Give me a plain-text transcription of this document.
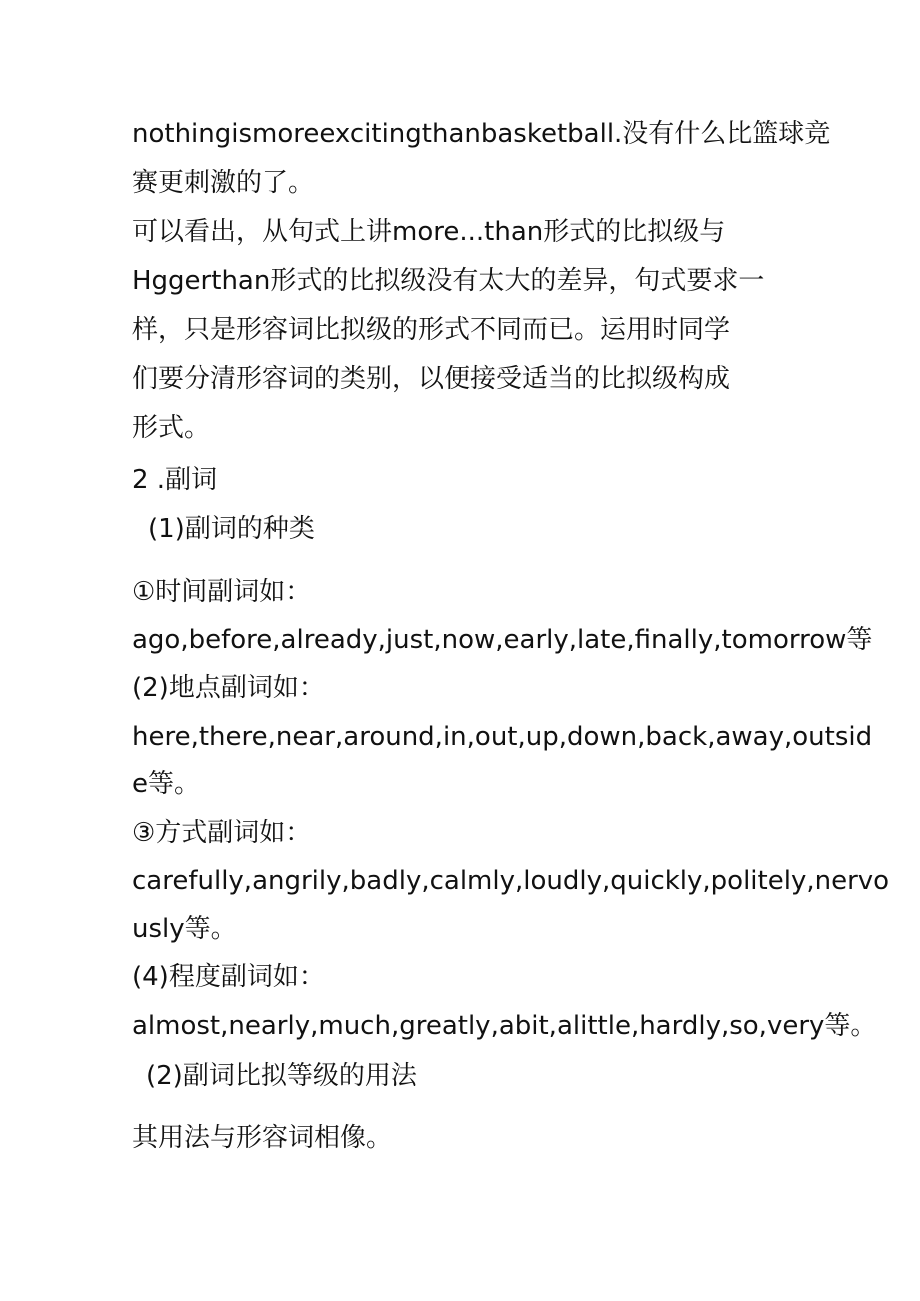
nothingismoreexcitingthanbasketball.没有什么比篮球竞
赛更刺激的了。
可以看出，从句式上讲more...than形式的比拟级与
Hggerthan形式的比拟级没有太大的差异，句式要求一
样，只是形容词比拟级的形式不同而已。运用时同学
们要分清形容词的类别，以便接受适当的比拟级构成
形式。
2 .副词
(1)副词的种类
①时间副词如：
ago,before,already,just,now,early,late,finally,tomorrow等
(2)地点副词如：
here,there,near,around,in,out,up,down,back,away,outsid
e等。
③方式副词如：
carefully,angrily,badly,calmly,loudly,quickly,politely,nervo
usly等。
(4)程度副词如：
almost,nearly,much,greatly,abit,alittle,hardly,so,very等。
(2)副词比拟等级的用法
其用法与形容词相像。
